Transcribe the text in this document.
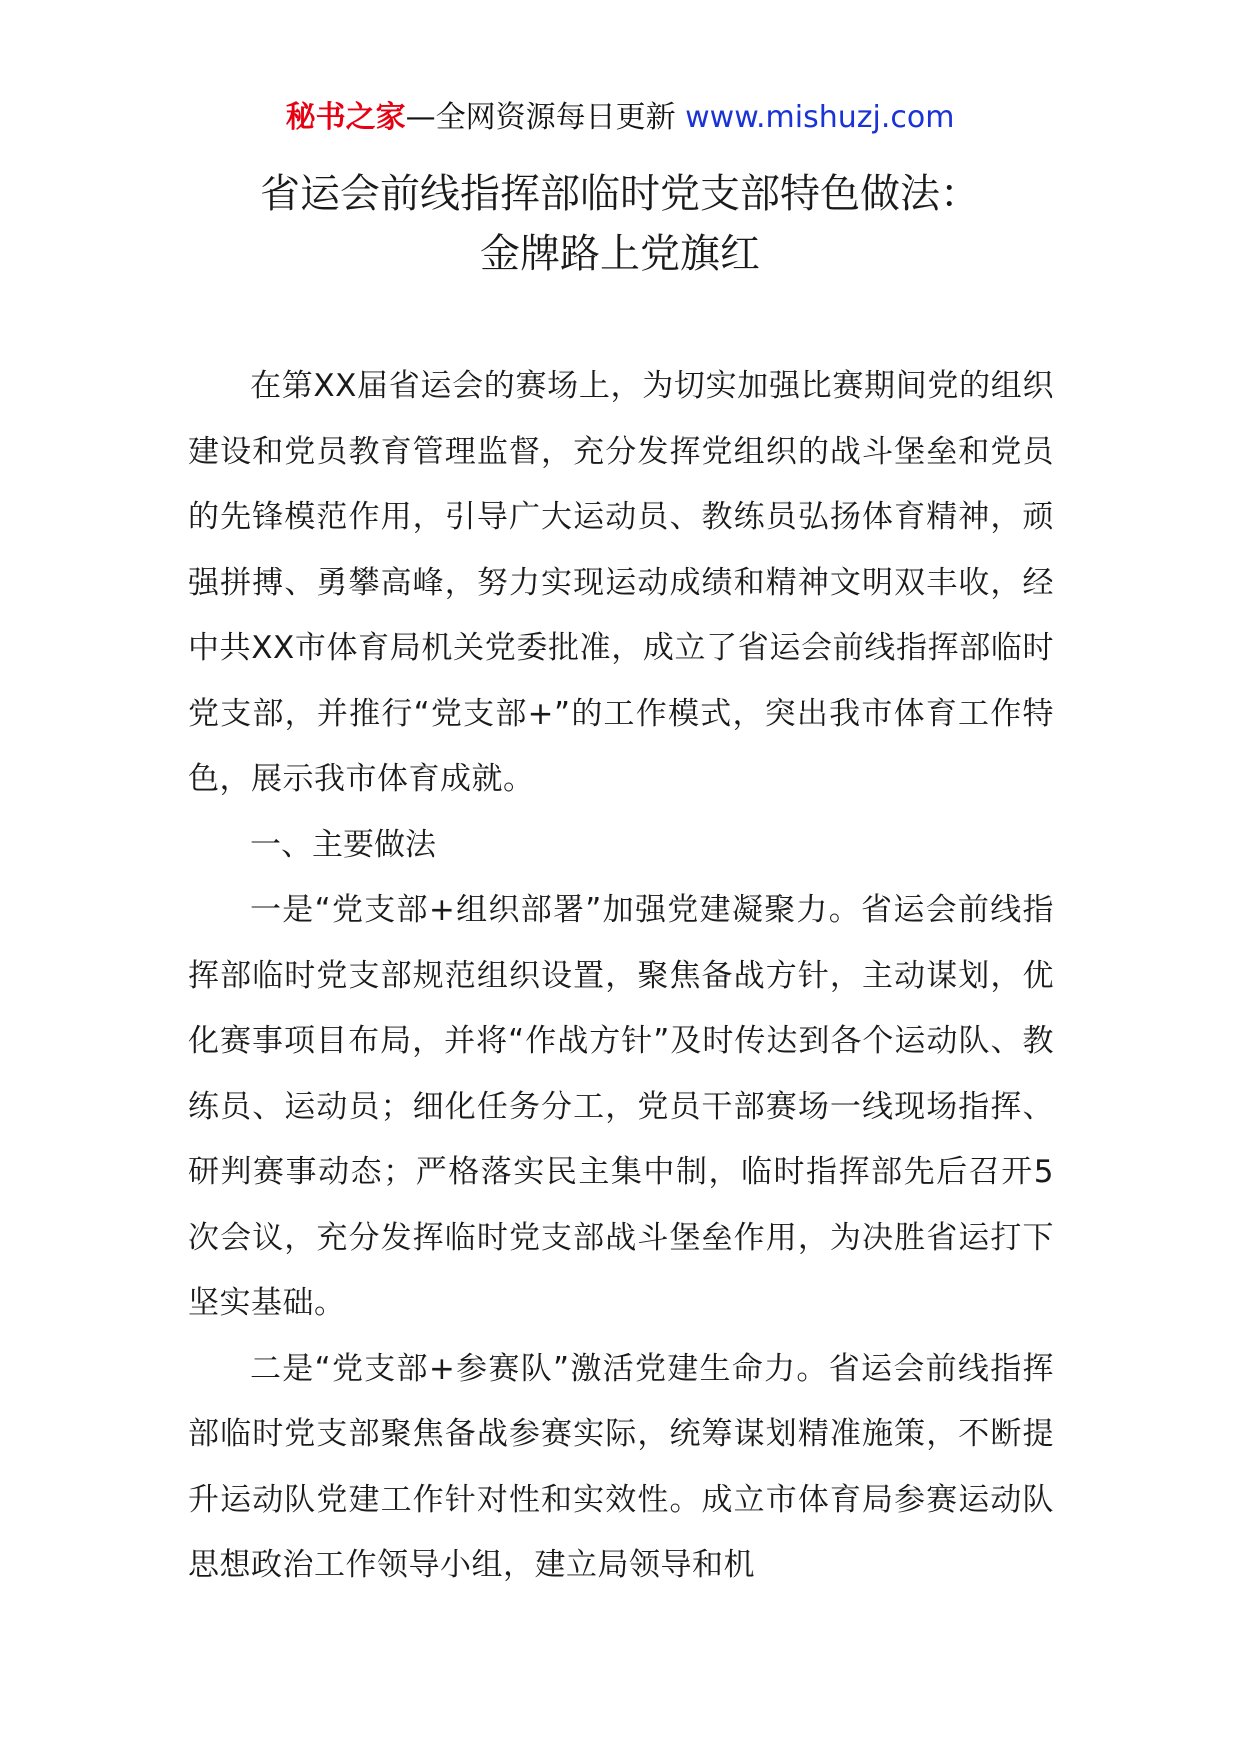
秘书之家—全网资源每日更新 www.mishuzj.com
省运会前线指挥部临时党支部特色做法：
金牌路上党旗红

在第XX届省运会的赛场上，为切实加强比赛期间党的组织建设和党员教育管理监督，充分发挥党组织的战斗堡垒和党员的先锋模范作用，引导广大运动员、教练员弘扬体育精神，顽强拼搏、勇攀高峰，努力实现运动成绩和精神文明双丰收，经中共XX市体育局机关党委批准，成立了省运会前线指挥部临时党支部，并推行“党支部+”的工作模式，突出我市体育工作特色，展示我市体育成就。

一、主要做法

一是“党支部+组织部署”加强党建凝聚力。省运会前线指挥部临时党支部规范组织设置，聚焦备战方针，主动谋划，优化赛事项目布局，并将“作战方针”及时传达到各个运动队、教练员、运动员；细化任务分工，党员干部赛场一线现场指挥、研判赛事动态；严格落实民主集中制，临时指挥部先后召开5次会议，充分发挥临时党支部战斗堡垒作用，为决胜省运打下坚实基础。

二是“党支部+参赛队”激活党建生命力。省运会前线指挥部临时党支部聚焦备战参赛实际，统筹谋划精准施策，不断提升运动队党建工作针对性和实效性。成立市体育局参赛运动队思想政治工作领导小组，建立局领导和机
